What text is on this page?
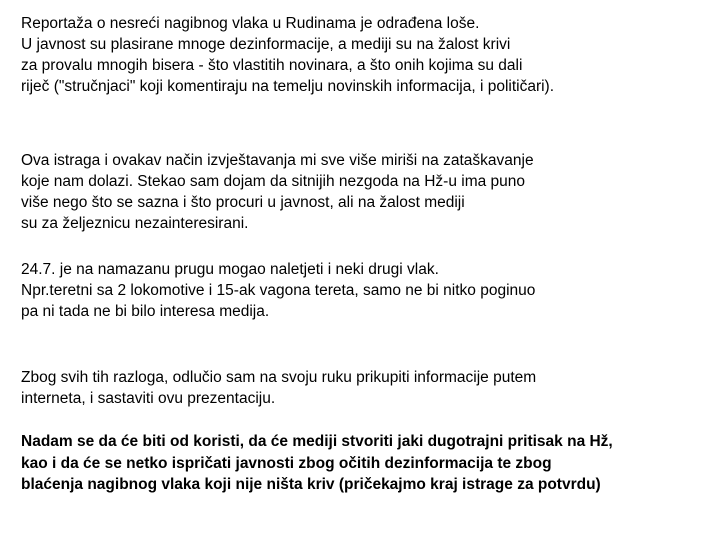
Reportaža o nesreći nagibnog vlaka u Rudinama je odrađena loše.
U javnost su plasirane mnoge dezinformacije, a mediji su na žalost krivi
za provalu mnogih bisera - što vlastitih novinara, a što onih kojima su dali
riječ ("stručnjaci" koji komentiraju na temelju novinskih informacija, i političari).

Ova istraga i ovakav način izvještavanja mi sve više miriši na zataškavanje
koje nam dolazi. Stekao sam dojam da sitnijih nezgoda na Hž-u ima puno
više nego što se sazna i što procuri u javnost, ali na žalost mediji
su za željeznicu nezainteresirani.

24.7. je na namazanu prugu mogao naletjeti i neki drugi vlak.
Npr.teretni sa 2 lokomotive i 15-ak vagona tereta, samo ne bi nitko poginuo
pa ni tada ne bi bilo interesa medija.

Zbog svih tih razloga, odlučio sam na svoju ruku prikupiti informacije putem
interneta, i sastaviti ovu prezentaciju.

Nadam se da će biti od koristi, da će mediji stvoriti jaki dugotrajni pritisak na Hž,
kao i da će se netko ispričati javnosti zbog očitih dezinformacija te zbog
blaćenja nagibnog vlaka koji nije ništa kriv (pričekajmo kraj istrage za potvrdu)
